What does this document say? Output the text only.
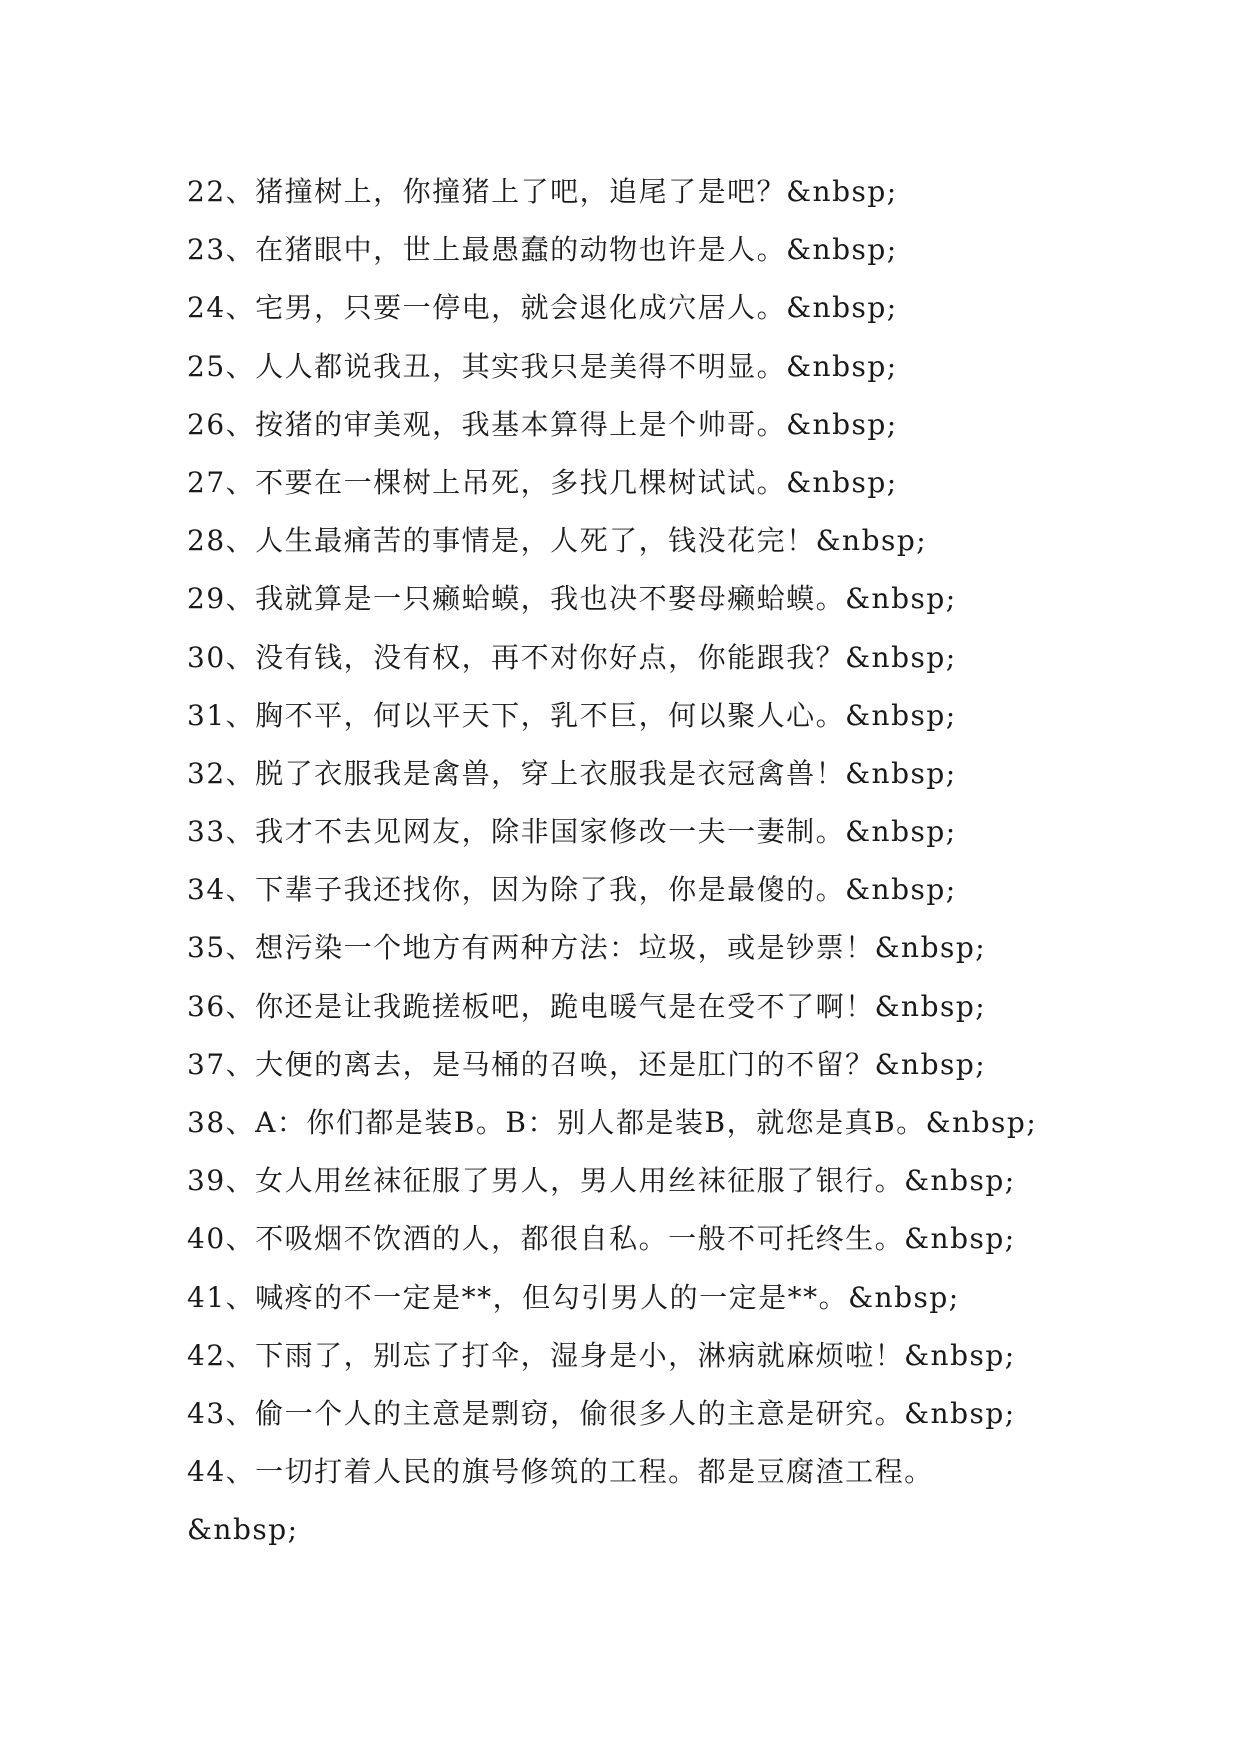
22、猪撞树上，你撞猪上了吧，追尾了是吧？&nbsp;
23、在猪眼中，世上最愚蠢的动物也许是人。&nbsp;
24、宅男，只要一停电，就会退化成穴居人。&nbsp;
25、人人都说我丑，其实我只是美得不明显。&nbsp;
26、按猪的审美观，我基本算得上是个帅哥。&nbsp;
27、不要在一棵树上吊死，多找几棵树试试。&nbsp;
28、人生最痛苦的事情是，人死了，钱没花完！&nbsp;
29、我就算是一只癞蛤蟆，我也决不娶母癞蛤蟆。&nbsp;
30、没有钱，没有权，再不对你好点，你能跟我？&nbsp;
31、胸不平，何以平天下，乳不巨，何以聚人心。&nbsp;
32、脱了衣服我是禽兽，穿上衣服我是衣冠禽兽！&nbsp;
33、我才不去见网友，除非国家修改一夫一妻制。&nbsp;
34、下辈子我还找你，因为除了我，你是最傻的。&nbsp;
35、想污染一个地方有两种方法：垃圾，或是钞票！&nbsp;
36、你还是让我跪搓板吧，跪电暖气是在受不了啊！&nbsp;
37、大便的离去，是马桶的召唤，还是肛门的不留？&nbsp;
38、A：你们都是装B。B：别人都是装B，就您是真B。&nbsp;
39、女人用丝袜征服了男人，男人用丝袜征服了银行。&nbsp;
40、不吸烟不饮酒的人，都很自私。一般不可托终生。&nbsp;
41、喊疼的不一定是**，但勾引男人的一定是**。&nbsp;
42、下雨了，别忘了打伞，湿身是小，淋病就麻烦啦！&nbsp;
43、偷一个人的主意是剽窃，偷很多人的主意是研究。&nbsp;
44、一切打着人民的旗号修筑的工程。都是豆腐渣工程。
&nbsp;
